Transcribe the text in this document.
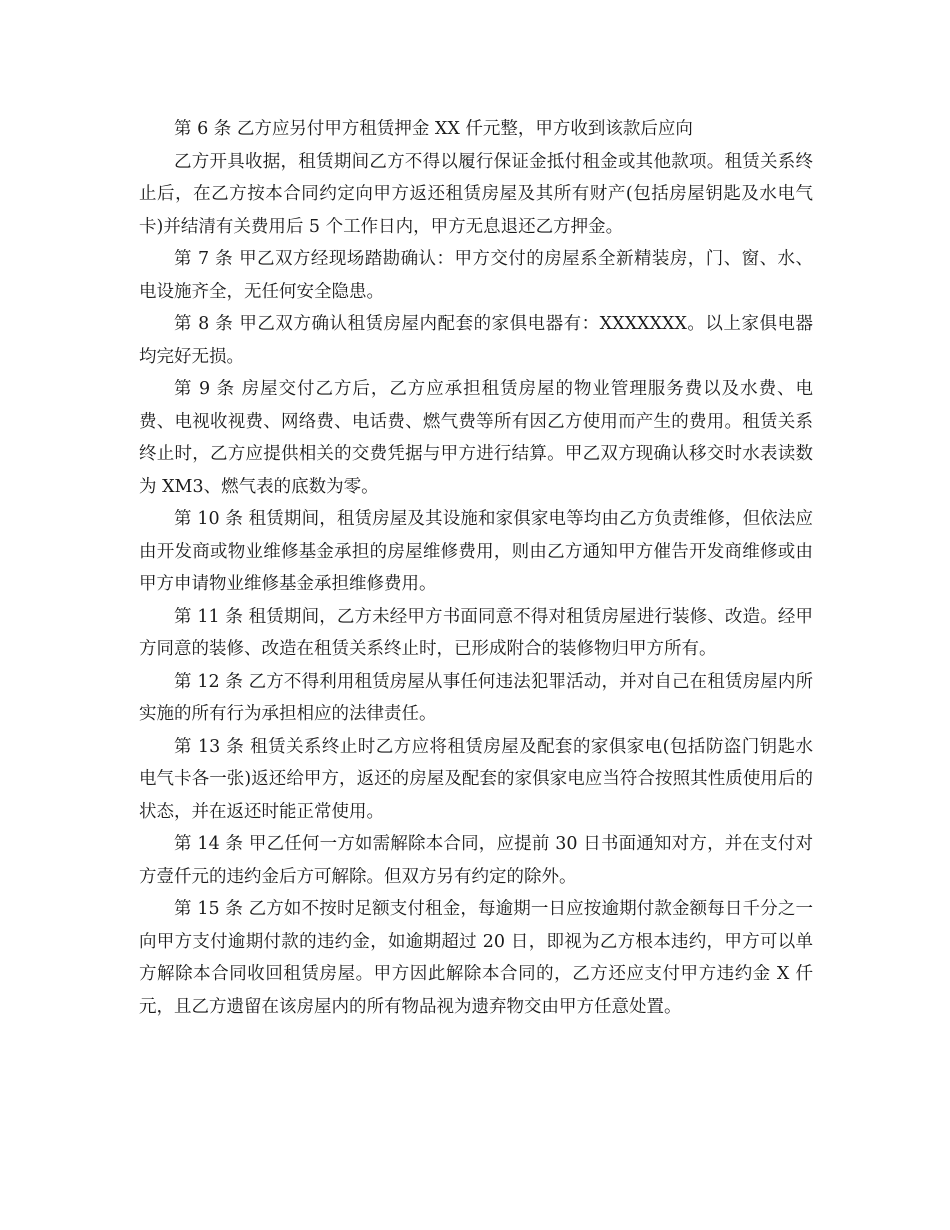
第 6 条 乙方应另付甲方租赁押金 XX 仟元整，甲方收到该款后应向

乙方开具收据，租赁期间乙方不得以履行保证金抵付租金或其他款项。租赁关系终止后，在乙方按本合同约定向甲方返还租赁房屋及其所有财产(包括房屋钥匙及水电气卡)并结清有关费用后 5 个工作日内，甲方无息退还乙方押金。

第 7 条 甲乙双方经现场踏勘确认：甲方交付的房屋系全新精装房，门、窗、水、电设施齐全，无任何安全隐患。

第 8 条 甲乙双方确认租赁房屋内配套的家俱电器有：XXXXXXX。以上家俱电器均完好无损。

第 9 条 房屋交付乙方后，乙方应承担租赁房屋的物业管理服务费以及水费、电费、电视收视费、网络费、电话费、燃气费等所有因乙方使用而产生的费用。租赁关系终止时，乙方应提供相关的交费凭据与甲方进行结算。甲乙双方现确认移交时水表读数为 XM3、燃气表的底数为零。

第 10 条 租赁期间，租赁房屋及其设施和家俱家电等均由乙方负责维修，但依法应由开发商或物业维修基金承担的房屋维修费用，则由乙方通知甲方催告开发商维修或由甲方申请物业维修基金承担维修费用。

第 11 条 租赁期间，乙方未经甲方书面同意不得对租赁房屋进行装修、改造。经甲方同意的装修、改造在租赁关系终止时，已形成附合的装修物归甲方所有。

第 12 条 乙方不得利用租赁房屋从事任何违法犯罪活动，并对自己在租赁房屋内所实施的所有行为承担相应的法律责任。

第 13 条 租赁关系终止时乙方应将租赁房屋及配套的家俱家电(包括防盗门钥匙水电气卡各一张)返还给甲方，返还的房屋及配套的家俱家电应当符合按照其性质使用后的状态，并在返还时能正常使用。

第 14 条 甲乙任何一方如需解除本合同，应提前 30 日书面通知对方，并在支付对方壹仟元的违约金后方可解除。但双方另有约定的除外。

第 15 条 乙方如不按时足额支付租金，每逾期一日应按逾期付款金额每日千分之一向甲方支付逾期付款的违约金，如逾期超过 20 日，即视为乙方根本违约，甲方可以单方解除本合同收回租赁房屋。甲方因此解除本合同的，乙方还应支付甲方违约金 X 仟元，且乙方遗留在该房屋内的所有物品视为遗弃物交由甲方任意处置。
